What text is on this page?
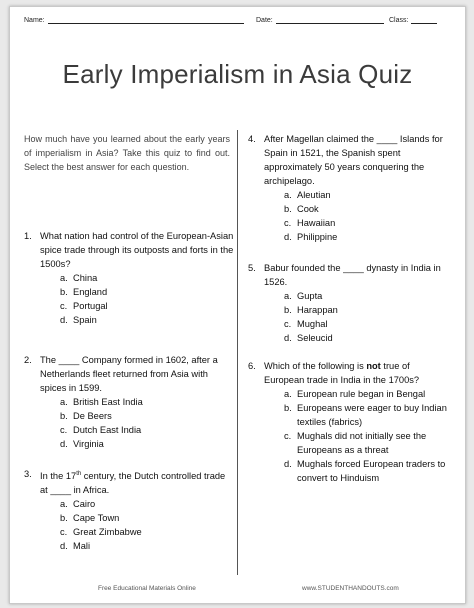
Name:	Date:	Class:
Early Imperialism in Asia Quiz
How much have you learned about the early years of imperialism in Asia? Take this quiz to find out. Select the best answer for each question.
1. What nation had control of the European-Asian spice trade through its outposts and forts in the 1500s?
a. China
b. England
c. Portugal
d. Spain
2. The ____ Company formed in 1602, after a Netherlands fleet returned from Asia with spices in 1599.
a. British East India
b. De Beers
c. Dutch East India
d. Virginia
3. In the 17th century, the Dutch controlled trade at ____ in Africa.
a. Cairo
b. Cape Town
c. Great Zimbabwe
d. Mali
4. After Magellan claimed the ____ Islands for Spain in 1521, the Spanish spent approximately 50 years conquering the archipelago.
a. Aleutian
b. Cook
c. Hawaiian
d. Philippine
5. Babur founded the ____ dynasty in India in 1526.
a. Gupta
b. Harappan
c. Mughal
d. Seleucid
6. Which of the following is not true of European trade in India in the 1700s?
a. European rule began in Bengal
b. Europeans were eager to buy Indian textiles (fabrics)
c. Mughals did not initially see the Europeans as a threat
d. Mughals forced European traders to convert to Hinduism
Free Educational Materials Online	www.STUDENTHANDOUTS.com
